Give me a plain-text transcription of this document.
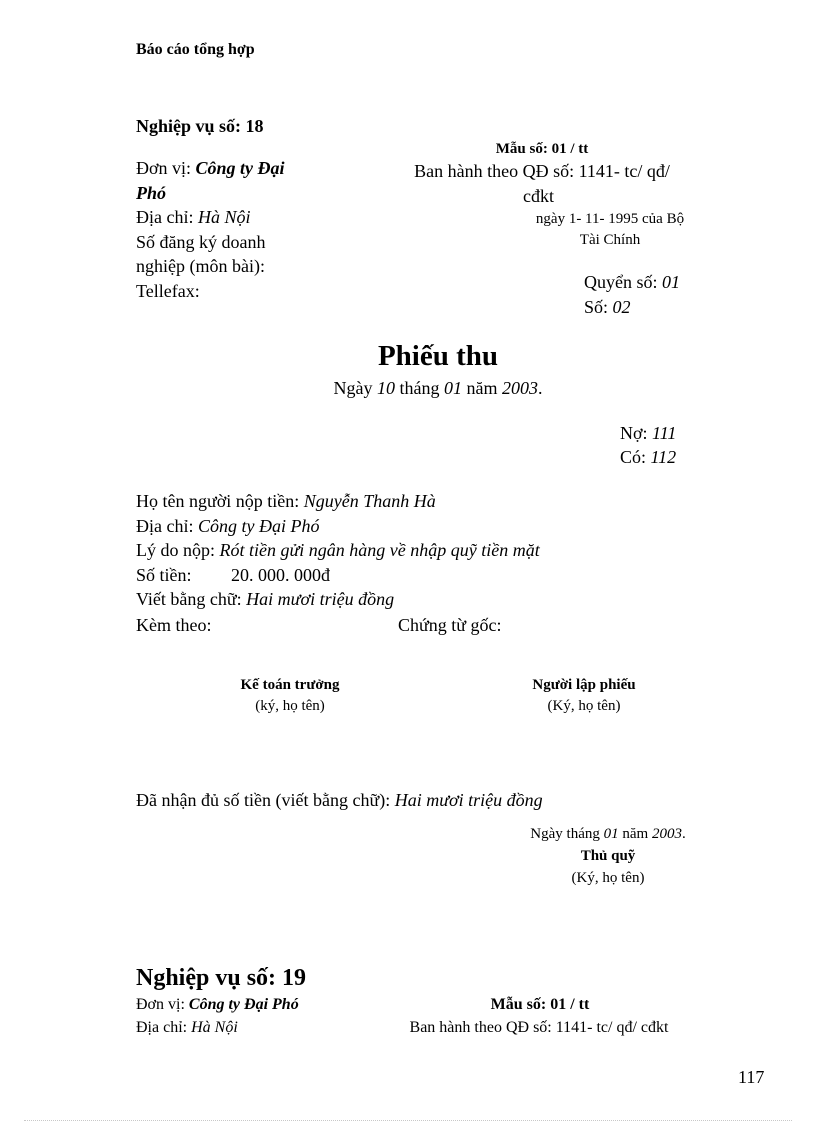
Báo cáo tổng hợp
Nghiệp vụ số: 18
Đơn vị: Công ty Đại
Phó
Địa chỉ: Hà Nội
Số đăng ký doanh
nghiệp (môn bài):
Tellefax:
Mẫu số: 01 / tt
Ban hành theo QĐ số: 1141- tc/ qđ/
cđkt
ngày 1- 11- 1995 của Bộ
Tài Chính
Quyển số: 01
Số: 02
Phiếu thu
Ngày 10 tháng 01 năm 2003.
Nợ: 111
Có: 112
Họ tên người nộp tiền: Nguyễn Thanh Hà
Địa chỉ: Công ty Đại Phó
Lý do nộp: Rót tiền gửi ngân hàng về nhập quỹ tiền mặt
Số tiền: 20. 000. 000đ
Viết bằng chữ: Hai mươi triệu đồng
Kèm theo:	Chứng từ gốc:
Kế toán trưởng
(ký, họ tên)
Người lập phiếu
(Ký, họ tên)
Đã nhận đủ số tiền (viết bằng chữ): Hai mươi triệu đồng
Ngày tháng 01 năm 2003.
Thủ quỹ
(Ký, họ tên)
Nghiệp vụ số: 19
Đơn vị: Công ty Đại Phó
Địa chỉ: Hà Nội
Mẫu số: 01 / tt
Ban hành theo QĐ số: 1141- tc/ qđ/ cđkt
117
